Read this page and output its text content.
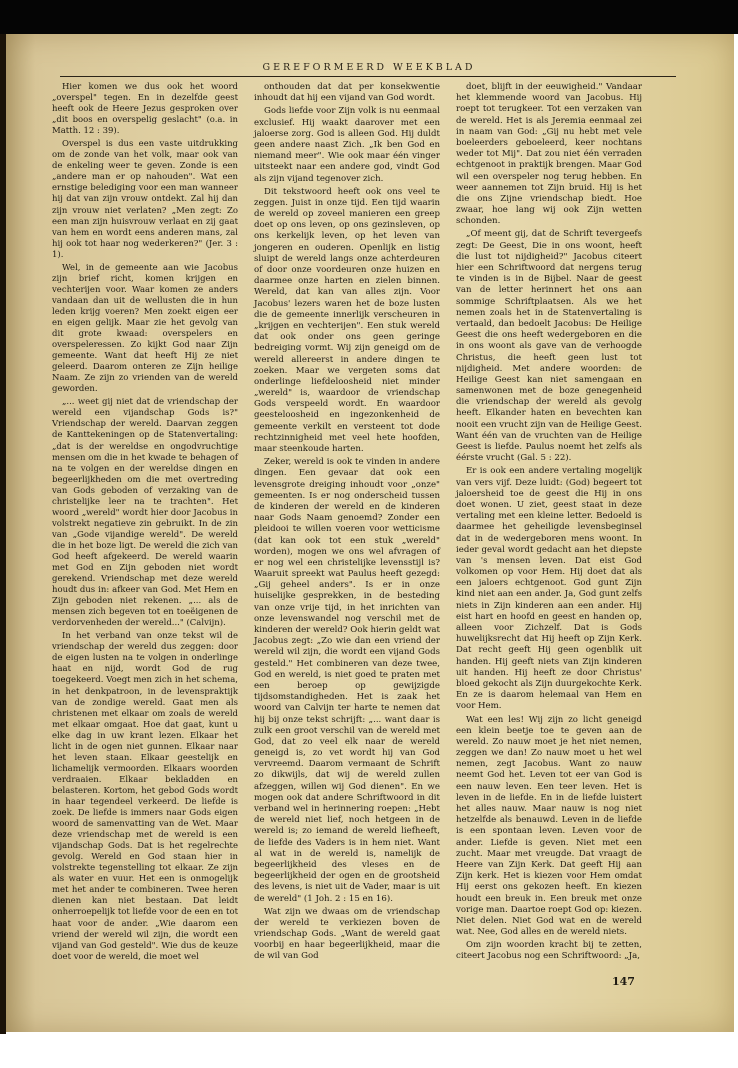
GEREFORMEERD WEEKBLAD

Hier komen we dus ook het woord „overspel" tegen. En in dezelfde geest heeft ook de Heere Jezus gesproken over „dit boos en overspelig geslacht" (o.a. in Matth. 12 : 39).

Overspel is dus een vaste uitdrukking om de zonde van het volk, maar ook van de enkeling weer te geven. Zonde is een „andere man er op nahouden". Wat een ernstige belediging voor een man wanneer hij dat van zijn vrouw ontdekt. Zal hij dan zijn vrouw niet verlaten? „Men zegt: Zo een man zijn huisvrouw verlaat en zij gaat van hem en wordt eens anderen mans, zal hij ook tot haar nog wederkeren?" (Jer. 3 : 1).

Wel, in de gemeente aan wie Jacobus zijn brief richt, komen krijgen en vechterijen voor. Waar komen ze anders vandaan dan uit de wellusten die in hun leden krijg voeren? Men zoekt eigen eer en eigen gelijk. Maar zie het gevolg van dit grote kwaad: overspelers en overspeleressen. Zo kijkt God naar Zijn gemeente. Want dat heeft Hij ze niet geleerd. Daarom onteren ze Zijn heilige Naam. Ze zijn zo vrienden van de wereld geworden.

„... weet gij niet dat de vriendschap der wereld een vijandschap Gods is?" Vriendschap der wereld. Daarvan zeggen de Kanttekeningen op de Statenvertaling: „dat is der wereldse en ongodvruchtige mensen om die in het kwade te behagen of na te volgen en der wereldse dingen en begeerlijkheden om die met overtreding van Gods geboden of verzaking van de christelijke leer na te trachten". Het woord „wereld" wordt hier door Jacobus in volstrekt negatieve zin gebruikt. In de zin van „Gode vijandige wereld". De wereld die in het boze ligt. De wereld die zich van God heeft afgekeerd. De wereld waarin met God en Zijn geboden niet wordt gerekend. Vriendschap met deze wereld houdt dus in: afkeer van God. Met Hem en Zijn geboden niet rekenen. „... als de mensen zich begeven tot en toeëigenen de verdorvenheden der wereld..." (Calvijn).

In het verband van onze tekst wil de vriendschap der wereld dus zeggen: door de eigen lusten na te volgen in onderlinge haat en nijd, wordt God de rug toegekeerd. Voegt men zich in het schema, in het denkpatroon, in de levenspraktijk van de zondige wereld. Gaat men als christenen met elkaar om zoals de wereld met elkaar omgaat. Hoe dat gaat, kunt u elke dag in uw krant lezen. Elkaar het licht in de ogen niet gunnen. Elkaar naar het leven staan. Elkaar geestelijk en lichamelijk vermoorden. Elkaars woorden verdraaien. Elkaar bekladden en belasteren. Kortom, het gebod Gods wordt in haar tegendeel verkeerd. De liefde is zoek. De liefde is immers naar Gods eigen woord de samenvatting van de Wet. Maar deze vriendschap met de wereld is een vijandschap Gods. Dat is het regelrechte gevolg. Wereld en God staan hier in volstrekte tegenstelling tot elkaar. Ze zijn als water en vuur. Het een is onmogelijk met het ander te combineren. Twee heren dienen kan niet bestaan. Dat leidt onherroepelijk tot liefde voor de een en tot haat voor de ander. „Wie daarom een vriend der wereld wil zijn, die wordt een vijand van God gesteld". Wie dus de keuze doet voor de wereld, die moet wel

onthouden dat dat per konsekwentie inhoudt dat hij een vijand van God wordt.

Gods liefde voor Zijn volk is nu eenmaal exclusief. Hij waakt daarover met een jaloerse zorg. God is alleen God. Hij duldt geen andere naast Zich. „Ik ben God en niemand meer". Wie ook maar één vinger uitsteekt naar een andere god, vindt God als zijn vijand tegenover zich.

Dit tekstwoord heeft ook ons veel te zeggen. Juist in onze tijd. Een tijd waarin de wereld op zoveel manieren een greep doet op ons leven, op ons gezinsleven, op ons kerkelijk leven, op het leven van jongeren en ouderen. Openlijk en listig sluipt de wereld langs onze achterdeuren of door onze voordeuren onze huizen en daarmee onze harten en zielen binnen. Wereld, dat kan van alles zijn. Voor Jacobus' lezers waren het de boze lusten die de gemeente innerlijk verscheuren in „krijgen en vechterijen". Een stuk wereld dat ook onder ons geen geringe bedreiging vormt. Wij zijn geneigd om de wereld allereerst in andere dingen te zoeken. Maar we vergeten soms dat onderlinge liefdeloosheid niet minder „wereld" is, waardoor de vriendschap Gods verspeeld wordt. En waardoor geesteloosheid en ingezonkenheid de gemeente verkilt en versteent tot dode rechtzinnigheid met veel hete hoofden, maar steenkoude harten.

Zeker, wereld is ook te vinden in andere dingen. Een gevaar dat ook een levensgrote dreiging inhoudt voor „onze" gemeenten. Is er nog onderscheid tussen de kinderen der wereld en de kinderen naar Gods Naam genoemd? Zonder een pleidooi te willen voeren voor wetticisme (dat kan ook tot een stuk „wereld" worden), mogen we ons wel afvragen of er nog wel een christelijke levensstijl is? Waaruit spreekt wat Paulus heeft gezegd: „Gij geheel anders". Is er in onze huiselijke gesprekken, in de besteding van onze vrije tijd, in het inrichten van onze levenswandel nog verschil met de kinderen der wereld? Ook hierin geldt wat Jacobus zegt: „Zo wie dan een vriend der wereld wil zijn, die wordt een vijand Gods gesteld." Het combineren van deze twee, God en wereld, is niet goed te praten met een beroep op gewijzigde tijdsomstandigheden. Het is zaak het woord van Calvijn ter harte te nemen dat hij bij onze tekst schrijft: „... want daar is zulk een groot verschil van de wereld met God, dat zo veel elk naar de wereld geneigd is, zo vet wordt hij van God vervreemd. Daarom vermaant de Schrift zo dikwijls, dat wij de wereld zullen afzeggen, willen wij God dienen". En we mogen ook dat andere Schriftwoord in dit verband wel in herinnering roepen: „Hebt de wereld niet lief, noch hetgeen in de wereld is; zo iemand de wereld liefheeft, de liefde des Vaders is in hem niet. Want al wat in de wereld is, namelijk de begeerlijkheid des vleses en de begeerlijkheid der ogen en de grootsheid des levens, is niet uit de Vader, maar is uit de wereld" (1 Joh. 2 : 15 en 16).

Wat zijn we dwaas om de vriendschap der wereld te verkiezen boven de vriendschap Gods. „Want de wereld gaat voorbij en haar begeerlijkheid, maar die de wil van God

doet, blijft in der eeuwigheid." Vandaar het klemmende woord van Jacobus. Hij roept tot terugkeer. Tot een verzaken van de wereld. Het is als Jeremia eenmaal zei in naam van God: „Gij nu hebt met vele boeleerders geboeleerd, keer nochtans weder tot Mij". Dat zou niet één verraden echtgenoot in praktijk brengen. Maar God wil een overspeler nog terug hebben. En weer aannemen tot Zijn bruid. Hij is het die ons Zijne vriendschap biedt. Hoe zwaar, hoe lang wij ook Zijn wetten schonden.

„Of meent gij, dat de Schrift tevergeefs zegt: De Geest, Die in ons woont, heeft die lust tot nijdigheid?" Jacobus citeert hier een Schriftwoord dat nergens terug te vinden is in de Bijbel. Naar de geest van de letter herinnert het ons aan sommige Schriftplaatsen. Als we het nemen zoals het in de Statenvertaling is vertaald, dan bedoelt Jacobus: De Heilige Geest die ons heeft wedergeboren en die in ons woont als gave van de verhoogde Christus, die heeft geen lust tot nijdigheid. Met andere woorden: de Heilige Geest kan niet samengaan en samenwonen met de boze genegenheid die vriendschap der wereld als gevolg heeft. Elkander haten en bevechten kan nooit een vrucht zijn van de Heilige Geest. Want één van de vruchten van de Heilige Geest is liefde. Paulus noemt het zelfs als éérste vrucht (Gal. 5 : 22).

Er is ook een andere vertaling mogelijk van vers vijf. Deze luidt: (God) begeert tot jaloersheid toe de geest die Hij in ons doet wonen. U ziet, geest staat in deze vertaling met een kleine letter. Bedoeld is daarmee het geheiligde levensbeginsel dat in de wedergeboren mens woont. In ieder geval wordt gedacht aan het diepste van 's mensen leven. Dat eist God volkomen op voor Hem. Hij doet dat als een jaloers echtgenoot. God gunt Zijn kind niet aan een ander. Ja, God gunt zelfs niets in Zijn kinderen aan een ander. Hij eist hart en hoofd en geest en handen op, alleen voor Zichzelf. Dat is Gods huwelijksrecht dat Hij heeft op Zijn Kerk. Dat recht geeft Hij geen ogenblik uit handen. Hij geeft niets van Zijn kinderen uit handen. Hij heeft ze door Christus' bloed gekocht als Zijn duurgekochte Kerk. En ze is daarom helemaal van Hem en voor Hem.

Wat een les! Wij zijn zo licht geneigd een klein beetje toe te geven aan de wereld. Zo nauw moet je het niet nemen, zeggen we dan! Zo nauw moet u het wel nemen, zegt Jacobus. Want zo nauw neemt God het. Leven tot eer van God is een nauw leven. Een teer leven. Het is leven in de liefde. En in de liefde luistert het alles nauw. Maar nauw is nog niet hetzelfde als benauwd. Leven in de liefde is een spontaan leven. Leven voor de ander. Liefde is geven. Niet met een zucht. Maar met vreugde. Dat vraagt de Heere van Zijn Kerk. Dat geeft Hij aan Zijn kerk. Het is kiezen voor Hem omdat Hij eerst ons gekozen heeft. En kiezen houdt een breuk in. Een breuk met onze vorige man. Daartoe roept God op: kiezen. Niet delen. Niet God wat en de wereld wat. Nee, God alles en de wereld niets.

Om zijn woorden kracht bij te zetten, citeert Jacobus nog een Schriftwoord: „Ja,

147
